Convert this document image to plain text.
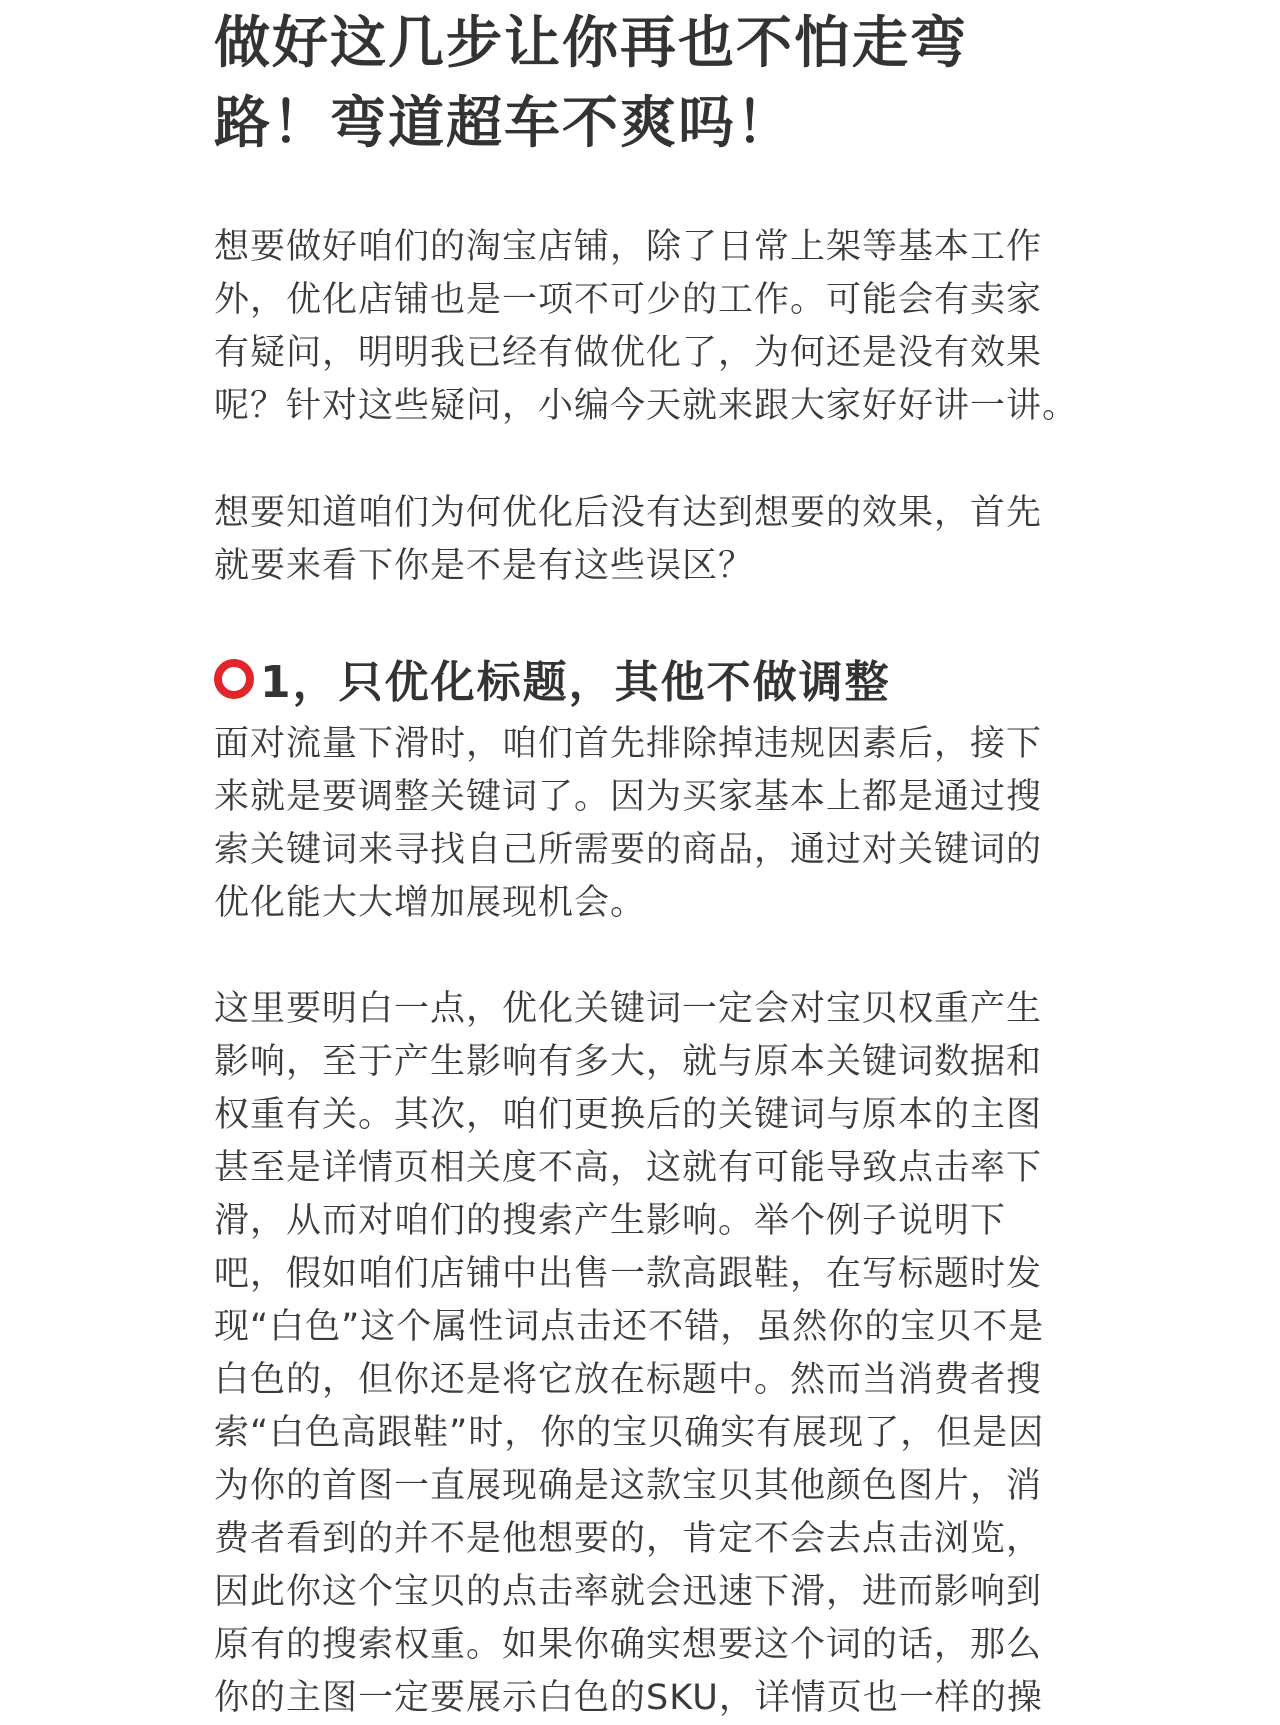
做好这几步让你再也不怕走弯
路！弯道超车不爽吗！

想要做好咱们的淘宝店铺，除了日常上架等基本工作
外，优化店铺也是一项不可少的工作。可能会有卖家
有疑问，明明我已经有做优化了，为何还是没有效果
呢？针对这些疑问，小编今天就来跟大家好好讲一讲。

想要知道咱们为何优化后没有达到想要的效果，首先
就要来看下你是不是有这些误区？

1，只优化标题，其他不做调整

面对流量下滑时，咱们首先排除掉违规因素后，接下
来就是要调整关键词了。因为买家基本上都是通过搜
索关键词来寻找自己所需要的商品，通过对关键词的
优化能大大增加展现机会。

这里要明白一点，优化关键词一定会对宝贝权重产生
影响，至于产生影响有多大，就与原本关键词数据和
权重有关。其次，咱们更换后的关键词与原本的主图
甚至是详情页相关度不高，这就有可能导致点击率下
滑，从而对咱们的搜索产生影响。举个例子说明下
吧，假如咱们店铺中出售一款高跟鞋，在写标题时发
现“白色”这个属性词点击还不错，虽然你的宝贝不是
白色的，但你还是将它放在标题中。然而当消费者搜
索“白色高跟鞋”时，你的宝贝确实有展现了，但是因
为你的首图一直展现确是这款宝贝其他颜色图片，消
费者看到的并不是他想要的，肯定不会去点击浏览，
因此你这个宝贝的点击率就会迅速下滑，进而影响到
原有的搜索权重。如果你确实想要这个词的话，那么
你的主图一定要展示白色的SKU，详情页也一样的操
